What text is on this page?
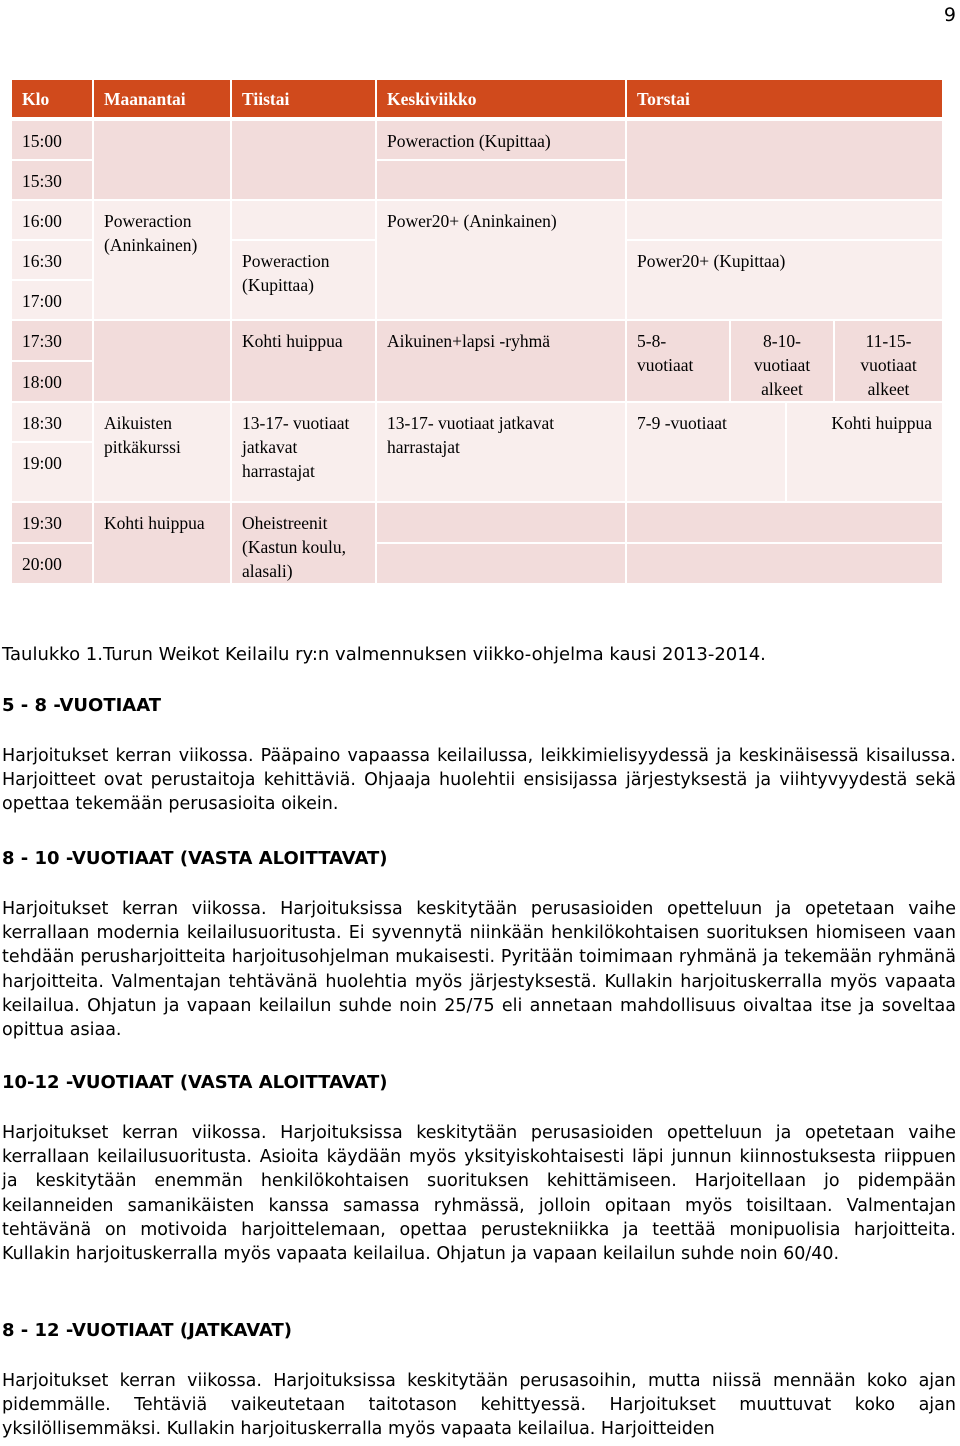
9
Klo	Maanantai	Tiistai	Keskiviikko	Torstai			
15:00			Poweraction (Kupittaa)				
15:30							
16:00	Poweraction (Aninkainen)		Power20+ (Aninkainen)				
16:30		Poweraction (Kupittaa)		Power20+ (Kupittaa)			
17:00							
17:30		Kohti huippua	Aikuinen+lapsi -ryhmä	5-8-vuotiaat	8-10-vuotiaat alkeet		11-15-vuotiaat alkeet
18:00							
18:30	Aikuisten pitkäkurssi	13-17- vuotiaat jatkavat harrastajat	13-17- vuotiaat jatkavat harrastajat	7-9 -vuotiaat		Kohti huippua	
19:00							
19:30	Kohti huippua	Oheistreenit (Kastun koulu, alasali)					
20:00							
Taulukko 1.Turun Weikot Keilailu ry:n valmennuksen viikko-ohjelma kausi 2013-2014.
5 - 8 -VUOTIAAT
Harjoitukset kerran viikossa. Pääpaino vapaassa keilailussa, leikkimielisyydessä ja keskinäisessä kisailussa. Harjoitteet ovat perustaitoja kehittäviä. Ohjaaja huolehtii ensisijassa järjestyksestä ja viihtyvyydestä sekä opettaa tekemään perusasioita oikein.
8 - 10 -VUOTIAAT (VASTA ALOITTAVAT)
Harjoitukset kerran viikossa. Harjoituksissa keskitytään perusasioiden opetteluun ja opetetaan vaihe kerrallaan modernia keilailusuoritusta. Ei syvennytä niinkään henkilökohtaisen suorituksen hiomiseen vaan tehdään perusharjoitteita harjoitusohjelman mukaisesti. Pyritään toimimaan ryhmänä ja tekemään ryhmänä harjoitteita. Valmentajan tehtävänä huolehtia myös järjestyksestä. Kullakin harjoituskerralla myös vapaata keilailua. Ohjatun ja vapaan keilailun suhde noin 25/75 eli annetaan mahdollisuus oivaltaa itse ja soveltaa opittua asiaa.
10-12 -VUOTIAAT (VASTA ALOITTAVAT)
Harjoitukset kerran viikossa. Harjoituksissa keskitytään perusasioiden opetteluun ja opetetaan vaihe kerrallaan keilailusuoritusta. Asioita käydään myös yksityiskohtaisesti läpi junnun kiinnostuksesta riippuen ja keskitytään enemmän henkilökohtaisen suorituksen kehittämiseen. Harjoitellaan jo pidempään keilanneiden samanikäisten kanssa samassa ryhmässä, jolloin opitaan myös toisiltaan. Valmentajan tehtävänä on motivoida harjoittelemaan, opettaa perustekniikka ja teettää monipuolisia harjoitteita. Kullakin harjoituskerralla myös vapaata keilailua. Ohjatun ja vapaan keilailun suhde noin 60/40.
8 - 12 -VUOTIAAT (JATKAVAT)
Harjoitukset kerran viikossa. Harjoituksissa keskitytään perusasoihin, mutta niissä mennään koko ajan pidemmälle. Tehtäviä vaikeutetaan taitotason kehittyessä. Harjoitukset muuttuvat koko ajan yksilöllisemmäksi. Kullakin harjoituskerralla myös vapaata keilailua. Harjoitteiden
